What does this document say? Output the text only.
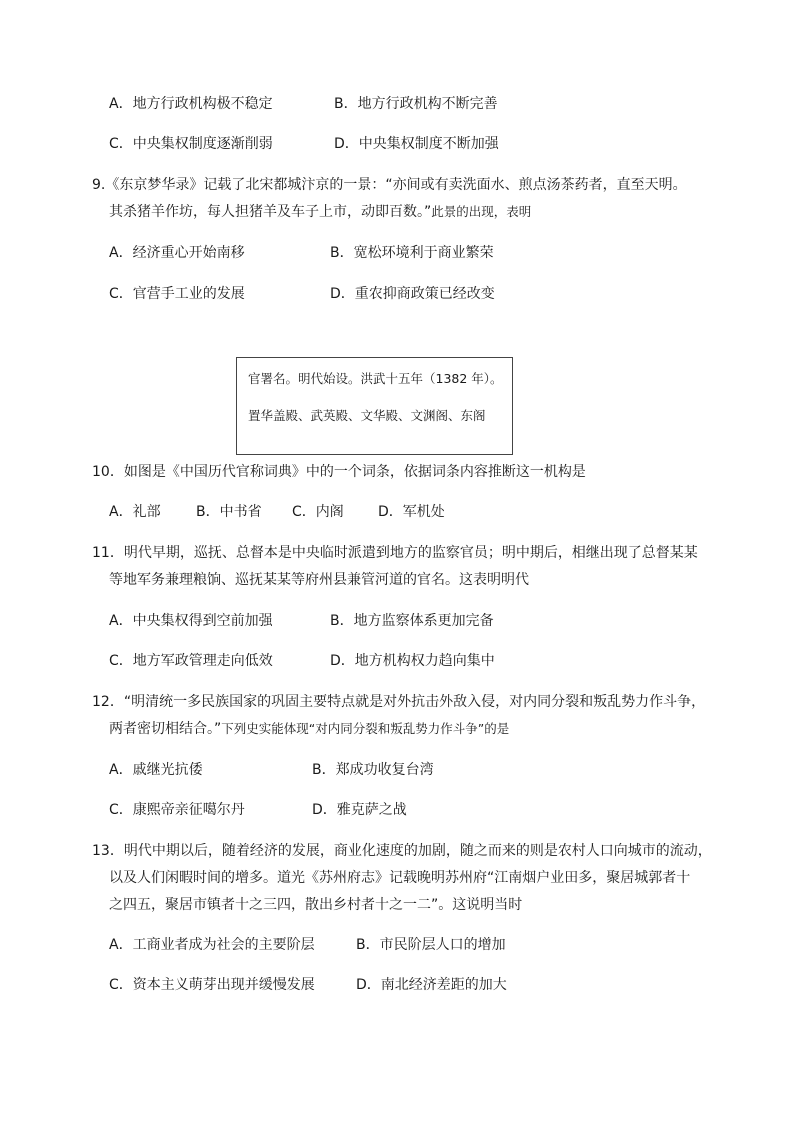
A．地方行政机构极不稳定	B．地方行政机构不断完善
C．中央集权制度逐渐削弱	D．中央集权制度不断加强
9.《东京梦华录》记载了北宋都城汴京的一景：“亦间或有卖洗面水、煎点汤茶药者，直至天明。
其杀猪羊作坊，每人担猪羊及车子上市，动即百数。”此景的出现，表明
A．经济重心开始南移	B．宽松环境利于商业繁荣
C．官营手工业的发展	D．重农抑商政策已经改变
官署名。明代始设。洪武十五年（1382 年）。
置华盖殿、武英殿、文华殿、文渊阁、东阁
10．如图是《中国历代官称词典》中的一个词条，依据词条内容推断这一机构是
A．礼部	B．中书省 C．内阁 D．军机处
11．明代早期，巡抚、总督本是中央临时派遣到地方的监察官员；明中期后，相继出现了总督某某
等地军务兼理粮饷、巡抚某某等府州县兼管河道的官名。这表明明代
A．中央集权得到空前加强	B．地方监察体系更加完备
C．地方军政管理走向低效	D．地方机构权力趋向集中
12．“明清统一多民族国家的巩固主要特点就是对外抗击外敌入侵，对内同分裂和叛乱势力作斗争，
两者密切相结合。”下列史实能体现“对内同分裂和叛乱势力作斗争”的是
A．戚继光抗倭	B．郑成功收复台湾
C．康熙帝亲征噶尔丹	D．雅克萨之战
13．明代中期以后，随着经济的发展，商业化速度的加剧，随之而来的则是农村人口向城市的流动，
以及人们闲暇时间的增多。道光《苏州府志》记载晚明苏州府“江南烟户业田多，聚居城郭者十
之四五，聚居市镇者十之三四，散出乡村者十之一二”。这说明当时
A．工商业者成为社会的主要阶层	B．市民阶层人口的增加
C．资本主义萌芽出现并缓慢发展	D．南北经济差距的加大
